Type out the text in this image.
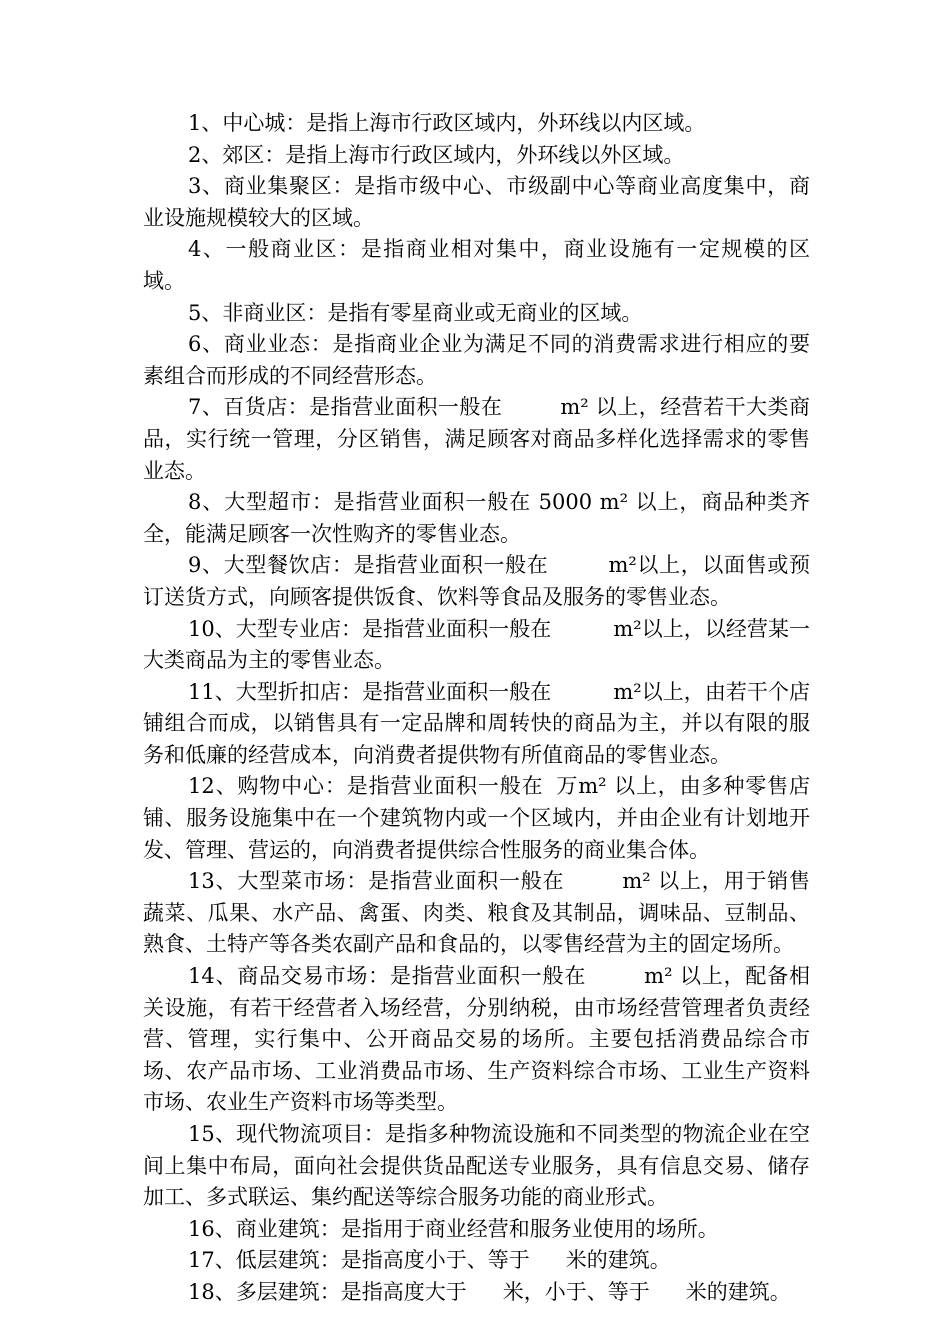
1、中心城：是指上海市行政区域内，外环线以内区域。

2、郊区：是指上海市行政区域内，外环线以外区域。

3、商业集聚区：是指市级中心、市级副中心等商业高度集中，商业设施规模较大的区域。

4、一般商业区：是指商业相对集中，商业设施有一定规模的区域。

5、非商业区：是指有零星商业或无商业的区域。

6、商业业态：是指商业企业为满足不同的消费需求进行相应的要素组合而形成的不同经营形态。

7、百货店：是指营业面积一般在	m² 以上，经营若干大类商品，实行统一管理，分区销售，满足顾客对商品多样化选择需求的零售业态。

8、大型超市：是指营业面积一般在 5000 m² 以上，商品种类齐全，能满足顾客一次性购齐的零售业态。

9、大型餐饮店：是指营业面积一般在	m²以上，以面售或预订送货方式，向顾客提供饭食、饮料等食品及服务的零售业态。

10、大型专业店：是指营业面积一般在	m²以上，以经营某一大类商品为主的零售业态。

11、大型折扣店：是指营业面积一般在	m²以上，由若干个店铺组合而成，以销售具有一定品牌和周转快的商品为主，并以有限的服务和低廉的经营成本，向消费者提供物有所值商品的零售业态。

12、购物中心：是指营业面积一般在 万m² 以上，由多种零售店铺、服务设施集中在一个建筑物内或一个区域内，并由企业有计划地开发、管理、营运的，向消费者提供综合性服务的商业集合体。

13、大型菜市场：是指营业面积一般在	m² 以上，用于销售蔬菜、瓜果、水产品、禽蛋、肉类、粮食及其制品，调味品、豆制品、熟食、土特产等各类农副产品和食品的，以零售经营为主的固定场所。

14、商品交易市场：是指营业面积一般在	m² 以上，配备相关设施，有若干经营者入场经营，分别纳税，由市场经营管理者负责经营、管理，实行集中、公开商品交易的场所。主要包括消费品综合市场、农产品市场、工业消费品市场、生产资料综合市场、工业生产资料市场、农业生产资料市场等类型。

15、现代物流项目：是指多种物流设施和不同类型的物流企业在空间上集中布局，面向社会提供货品配送专业服务，具有信息交易、储存加工、多式联运、集约配送等综合服务功能的商业形式。

16、商业建筑：是指用于商业经营和服务业使用的场所。

17、低层建筑：是指高度小于、等于 米的建筑。

18、多层建筑：是指高度大于 米，小于、等于 米的建筑。
